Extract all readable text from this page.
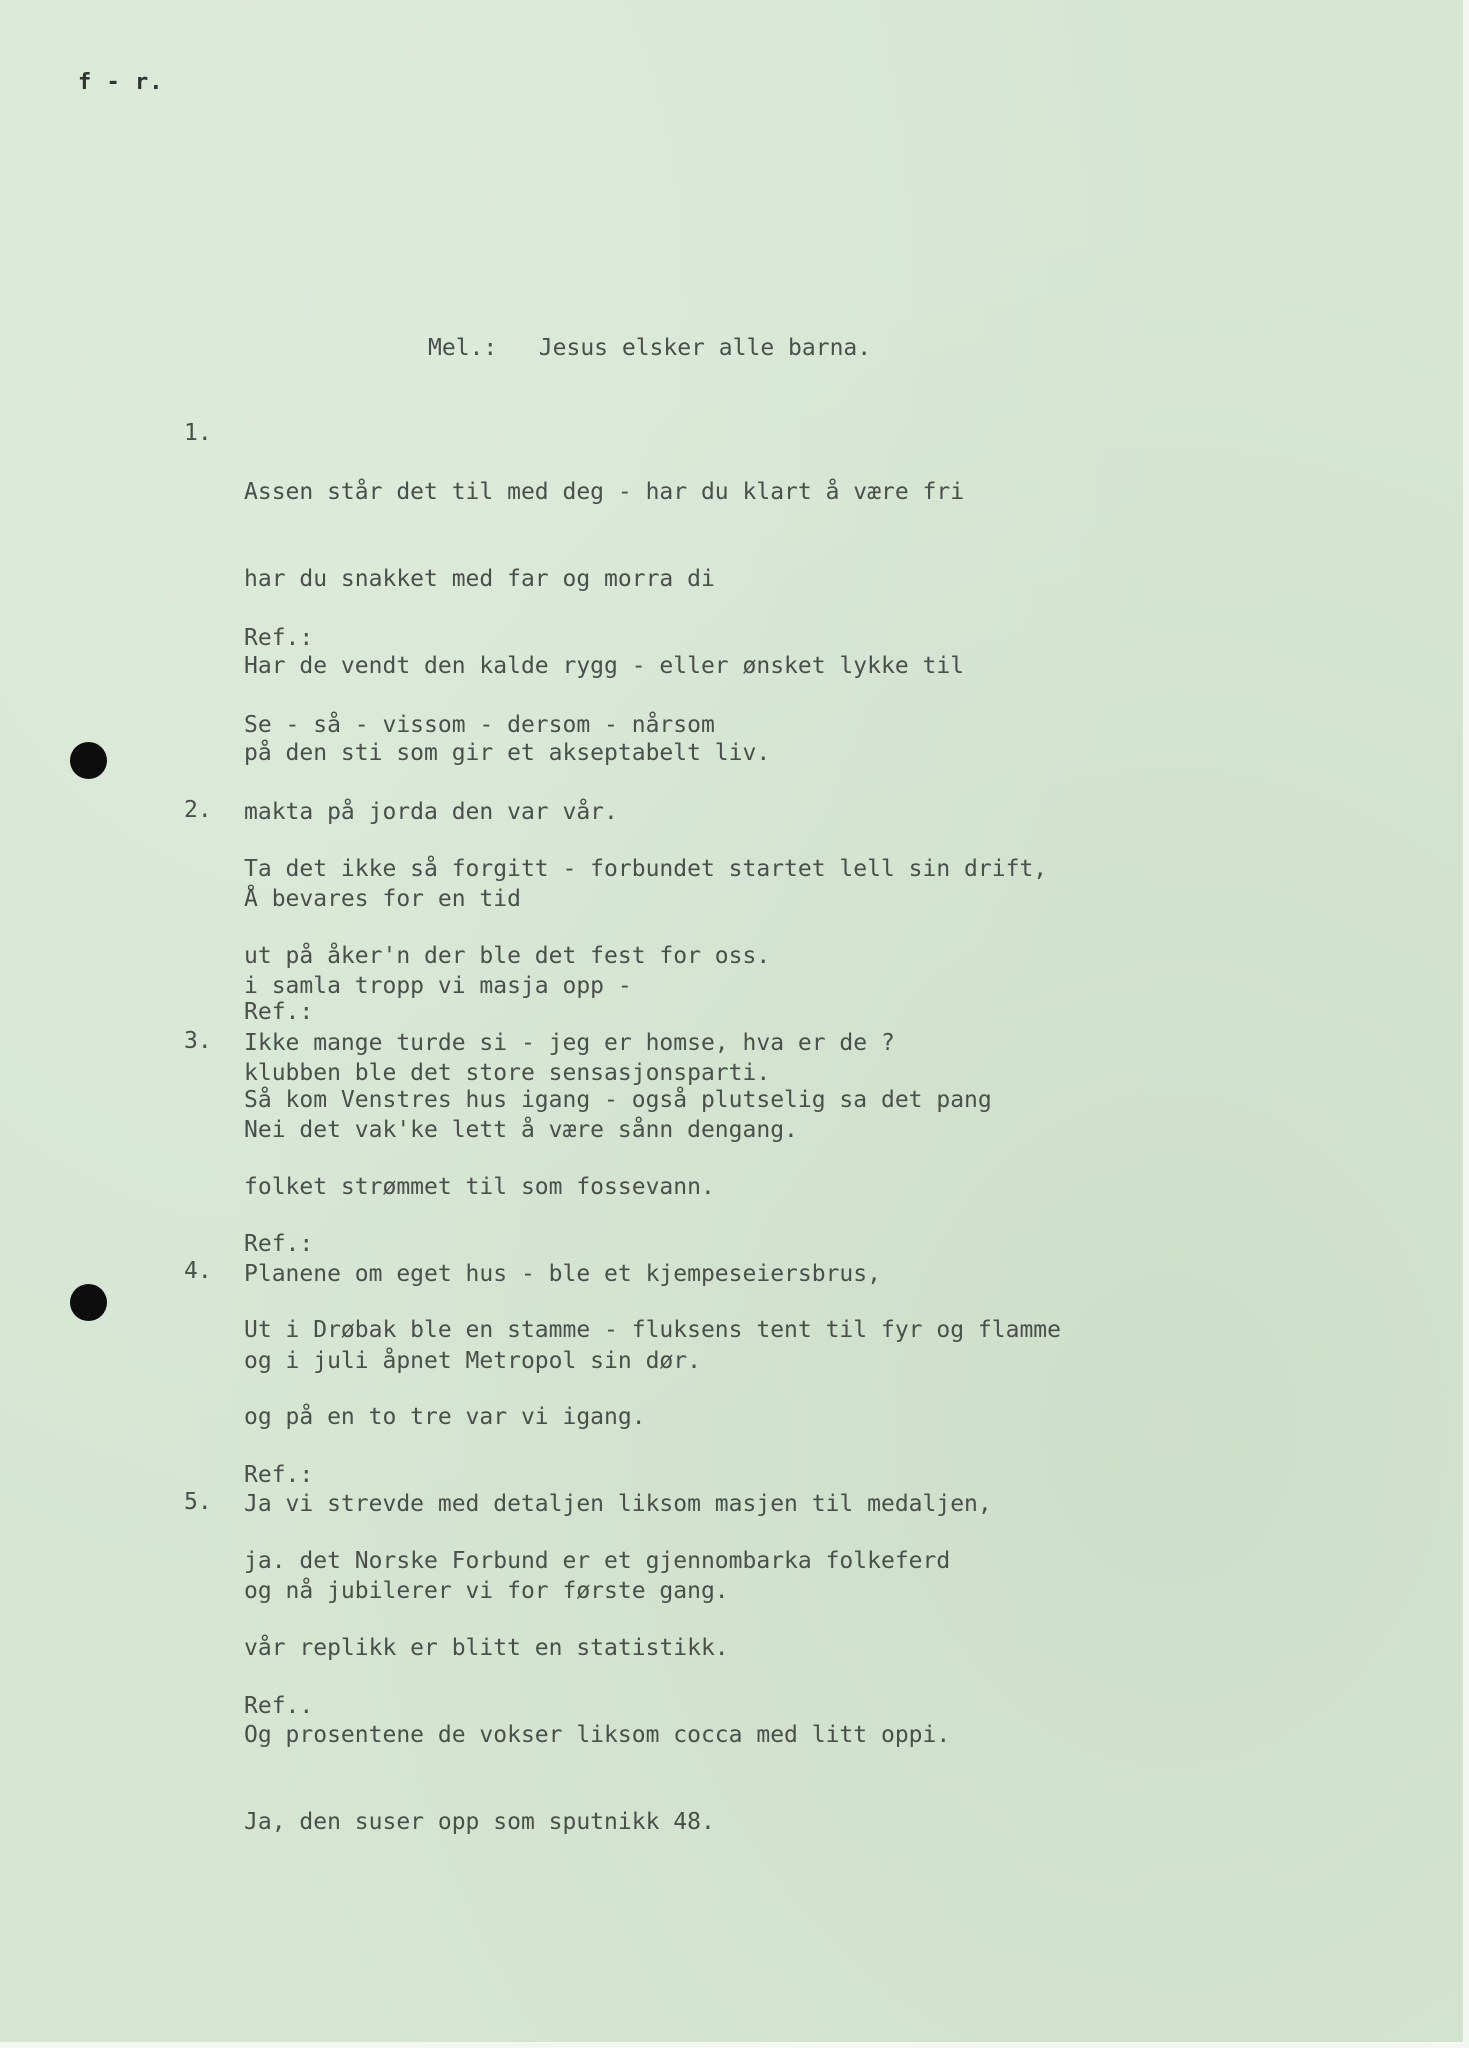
f - r.
Mel.:   Jesus elsker alle barna.
1.

Assen står det til med deg - har du klart å være fri

har du snakket med far og morra di

Har de vendt den kalde rygg - eller ønsket lykke til

på den sti som gir et akseptabelt liv.

Ref.:

Se - så - vissom - dersom - nårsom

makta på jorda den var vår.

Å bevares for en tid

i samla tropp vi masja opp -

klubben ble det store sensasjonsparti.

2.

Ta det ikke så forgitt - forbundet startet lell sin drift,

ut på åker'n der ble det fest for oss.

Ikke mange turde si - jeg er homse, hva er de ?

Nei det vak'ke lett å være sånn dengang.

Ref.:

3.

Så kom Venstres hus igang - også plutselig sa det pang

folket strømmet til som fossevann.

Planene om eget hus - ble et kjempeseiersbrus,

og i juli åpnet Metropol sin dør.

Ref.:

4.

Ut i Drøbak ble en stamme - fluksens tent til fyr og flamme

og på en to tre var vi igang.

Ja vi strevde med detaljen liksom masjen til medaljen,

og nå jubilerer vi for første gang.

Ref.:

5.

ja. det Norske Forbund er et gjennombarka folkeferd

vår replikk er blitt en statistikk.

Og prosentene de vokser liksom cocca med litt oppi.

Ja, den suser opp som sputnikk 48.

Ref..
